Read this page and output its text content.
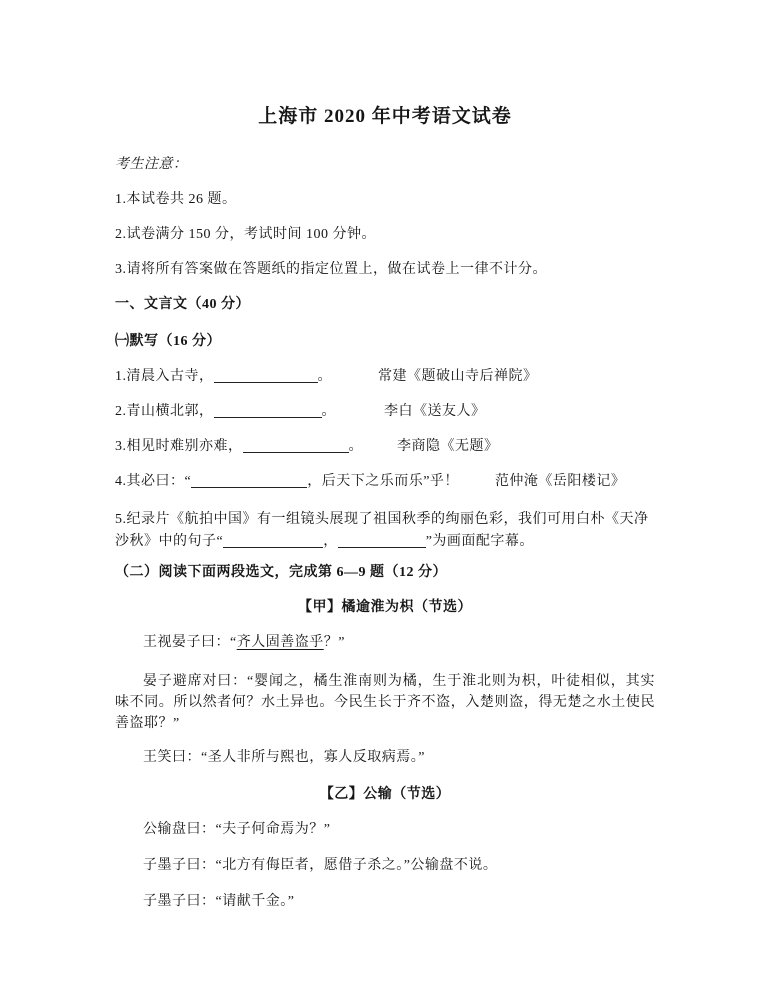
上海市 2020 年中考语文试卷
考生注意：
1.本试卷共 26 题。
2.试卷满分 150 分，考试时间 100 分钟。
3.请将所有答案做在答题纸的指定位置上，做在试卷上一律不计分。
一、文言文（40 分）
㈠默写（16 分）
1.清晨入古寺，	。	常建《题破山寺后禅院》
2.青山横北郭，	。	李白《送友人》
3.相见时难别亦难，	。 李商隐《无题》
4.其必曰：“	，后天下之乐而乐”乎！	范仲淹《岳阳楼记》
5.纪录片《航拍中国》有一组镜头展现了祖国秋季的绚丽色彩，我们可用白朴《天净
沙秋》中的句子“	，	”为画面配字幕。
（二）阅读下面两段选文，完成第 6—9 题（12 分）
【甲】橘逾淮为枳（节选）
王视晏子曰：“齐人固善盗乎？”
晏子避席对曰：“婴闻之，橘生淮南则为橘，生于淮北则为枳，叶徒相似，其实味不同。所以然者何？水土异也。今民生长于齐不盗，入楚则盗，得无楚之水土使民善盗耶？”
王笑曰：“圣人非所与熙也，寡人反取病焉。”
【乙】公输（节选）
公输盘曰：“夫子何命焉为？”
子墨子曰：“北方有侮臣者，愿借子杀之。”公输盘不说。
子墨子曰：“请献千金。”
